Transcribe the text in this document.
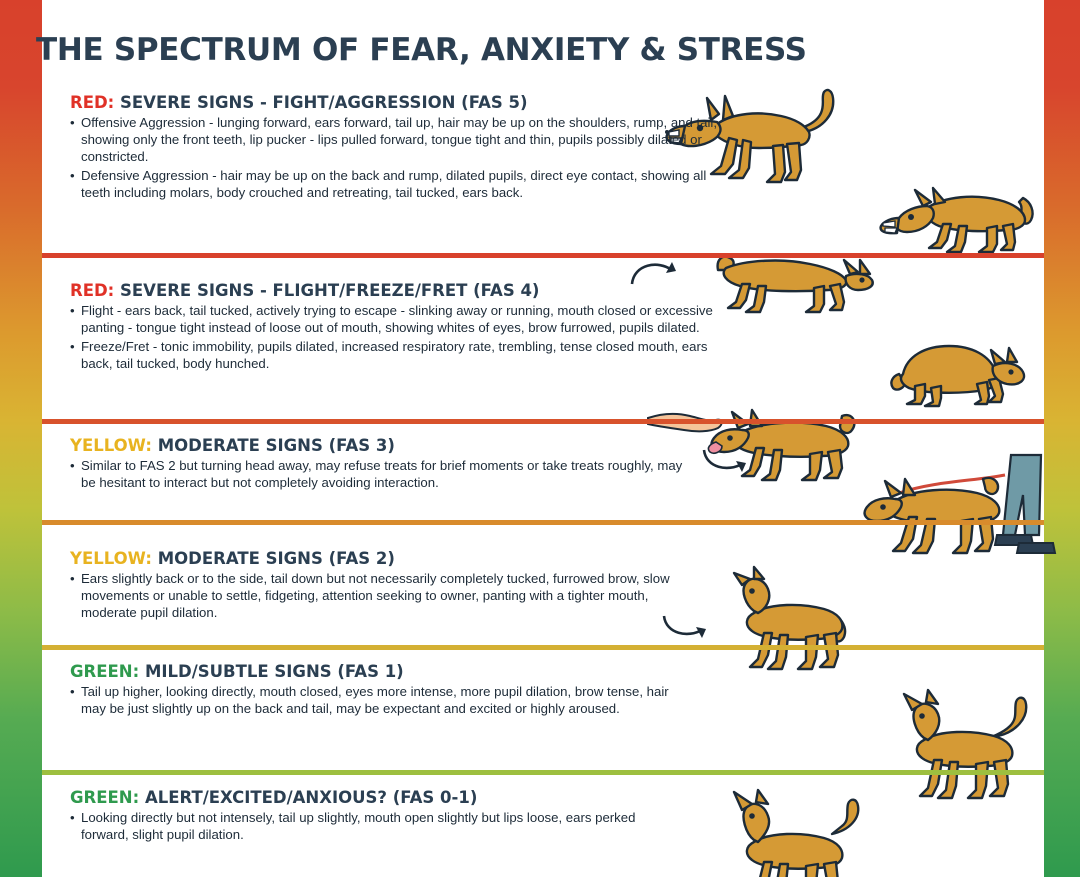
THE SPECTRUM OF FEAR, ANXIETY & STRESS
RED: SEVERE SIGNS - FIGHT/AGGRESSION (FAS 5)
• Offensive Aggression - lunging forward, ears forward, tail up, hair may be up on the shoulders, rump, and tail, showing only the front teeth, lip pucker - lips pulled forward, tongue tight and thin, pupils possibly dilated or constricted.
• Defensive Aggression - hair may be up on the back and rump, dilated pupils, direct eye contact, showing all teeth including molars, body crouched and retreating, tail tucked, ears back.
RED: SEVERE SIGNS - FLIGHT/FREEZE/FRET (FAS 4)
• Flight - ears back, tail tucked, actively trying to escape - slinking away or running, mouth closed or excessive panting - tongue tight instead of loose out of mouth, showing whites of eyes, brow furrowed, pupils dilated.
• Freeze/Fret - tonic immobility, pupils dilated, increased respiratory rate, trembling, tense closed mouth, ears back, tail tucked, body hunched.
YELLOW: MODERATE SIGNS (FAS 3)
• Similar to FAS 2 but turning head away, may refuse treats for brief moments or take treats roughly, may be hesitant to interact but not completely avoiding interaction.
YELLOW: MODERATE SIGNS (FAS 2)
• Ears slightly back or to the side, tail down but not necessarily completely tucked, furrowed brow, slow movements or unable to settle, fidgeting, attention seeking to owner, panting with a tighter mouth, moderate pupil dilation.
GREEN: MILD/SUBTLE SIGNS (FAS 1)
• Tail up higher, looking directly, mouth closed, eyes more intense, more pupil dilation, brow tense, hair may be just slightly up on the back and tail, may be expectant and excited or highly aroused.
GREEN: ALERT/EXCITED/ANXIOUS? (FAS 0-1)
• Looking directly but not intensely, tail up slightly, mouth open slightly but lips loose, ears perked forward, slight pupil dilation.
